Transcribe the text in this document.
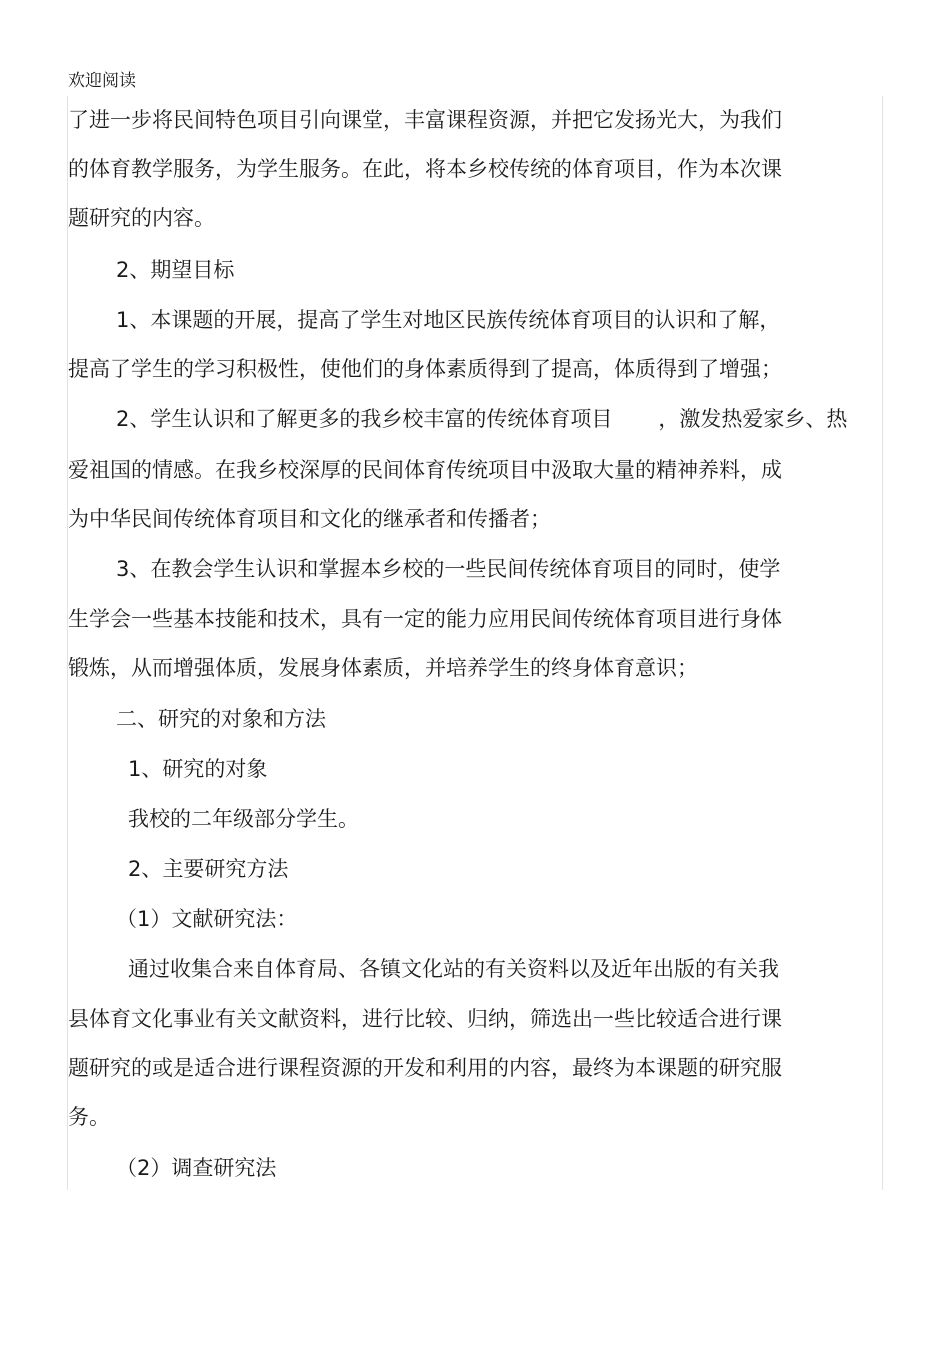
欢迎阅读
了进一步将民间特色项目引向课堂，丰富课程资源，并把它发扬光大，为我们
的体育教学服务，为学生服务。在此，将本乡校传统的体育项目，作为本次课
题研究的内容。
2、期望目标
1、本课题的开展，提高了学生对地区民族传统体育项目的认识和了解，
提高了学生的学习积极性，使他们的身体素质得到了提高，体质得到了增强；
2、学生认识和了解更多的我乡校丰富的传统体育项目 ，激发热爱家乡、热
爱祖国的情感。在我乡校深厚的民间体育传统项目中汲取大量的精神养料，成
为中华民间传统体育项目和文化的继承者和传播者；
3、在教会学生认识和掌握本乡校的一些民间传统体育项目的同时，使学
生学会一些基本技能和技术，具有一定的能力应用民间传统体育项目进行身体
锻炼，从而增强体质，发展身体素质，并培养学生的终身体育意识；
二、研究的对象和方法
1、研究的对象
我校的二年级部分学生。
2、主要研究方法
（1）文献研究法：
通过收集合来自体育局、各镇文化站的有关资料以及近年出版的有关我
县体育文化事业有关文献资料，进行比较、归纳，筛选出一些比较适合进行课
题研究的或是适合进行课程资源的开发和利用的内容，最终为本课题的研究服
务。
（2）调查研究法
